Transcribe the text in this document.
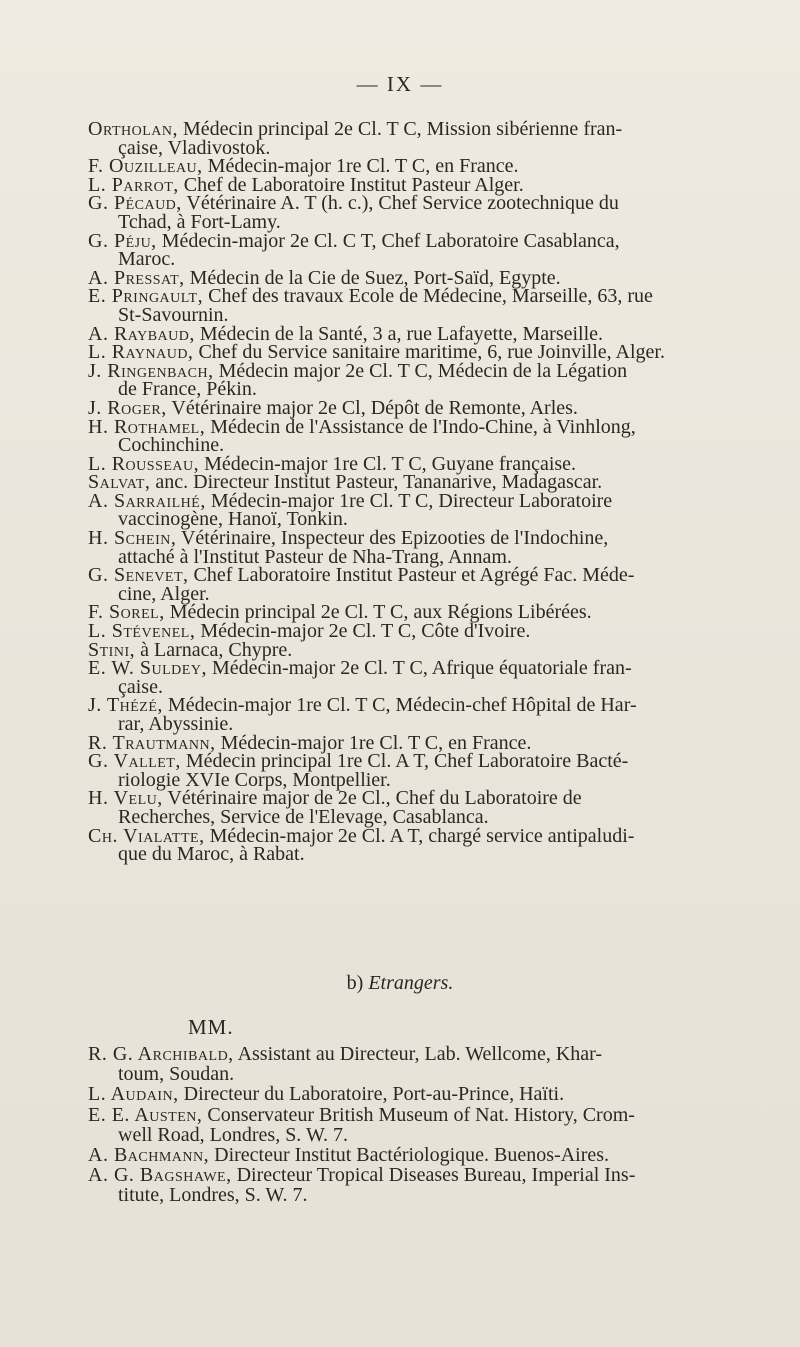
— IX —
Ortholan, Médecin principal 2e Cl. T C, Mission sibérienne fran-
çaise, Vladivostok.
F. Ouzilleau, Médecin-major 1re Cl. T C, en France.
L. Parrot, Chef de Laboratoire Institut Pasteur Alger.
G. Pécaud, Vétérinaire A. T (h. c.), Chef Service zootechnique du
Tchad, à Fort-Lamy.
G. Péju, Médecin-major 2e Cl. C T, Chef Laboratoire Casablanca,
Maroc.
A. Pressat, Médecin de la Cie de Suez, Port-Saïd, Egypte.
E. Pringault, Chef des travaux Ecole de Médecine, Marseille, 63, rue
St-Savournin.
A. Raybaud, Médecin de la Santé, 3 a, rue Lafayette, Marseille.
L. Raynaud, Chef du Service sanitaire maritime, 6, rue Joinville, Alger.
J. Ringenbach, Médecin major 2e Cl. T C, Médecin de la Légation
de France, Pékin.
J. Roger, Vétérinaire major 2e Cl, Dépôt de Remonte, Arles.
H. Rothamel, Médecin de l'Assistance de l'Indo-Chine, à Vinhlong,
Cochinchine.
L. Rousseau, Médecin-major 1re Cl. T C, Guyane française.
Salvat, anc. Directeur Institut Pasteur, Tananarive, Madagascar.
A. Sarrailhé, Médecin-major 1re Cl. T C, Directeur Laboratoire
vaccinogène, Hanoï, Tonkin.
H. Schein, Vétérinaire, Inspecteur des Epizooties de l'Indochine,
attaché à l'Institut Pasteur de Nha-Trang, Annam.
G. Senevet, Chef Laboratoire Institut Pasteur et Agrégé Fac. Méde-
cine, Alger.
F. Sorel, Médecin principal 2e Cl. T C, aux Régions Libérées.
L. Stévenel, Médecin-major 2e Cl. T C, Côte d'Ivoire.
Stini, à Larnaca, Chypre.
E. W. Suldey, Médecin-major 2e Cl. T C, Afrique équatoriale fran-
çaise.
J. Thézé, Médecin-major 1re Cl. T C, Médecin-chef Hôpital de Har-
rar, Abyssinie.
R. Trautmann, Médecin-major 1re Cl. T C, en France.
G. Vallet, Médecin principal 1re Cl. A T, Chef Laboratoire Bacté-
riologie XVIe Corps, Montpellier.
H. Velu, Vétérinaire major de 2e Cl., Chef du Laboratoire de
Recherches, Service de l'Elevage, Casablanca.
Ch. Vialatte, Médecin-major 2e Cl. A T, chargé service antipaludi-
que du Maroc, à Rabat.
b) Etrangers.
MM.
R. G. Archibald, Assistant au Directeur, Lab. Wellcome, Khar-
toum, Soudan.
L. Audain, Directeur du Laboratoire, Port-au-Prince, Haïti.
E. E. Austen, Conservateur British Museum of Nat. History, Crom-
well Road, Londres, S. W. 7.
A. Bachmann, Directeur Institut Bactériologique. Buenos-Aires.
A. G. Bagshawe, Directeur Tropical Diseases Bureau, Imperial Ins-
titute, Londres, S. W. 7.
